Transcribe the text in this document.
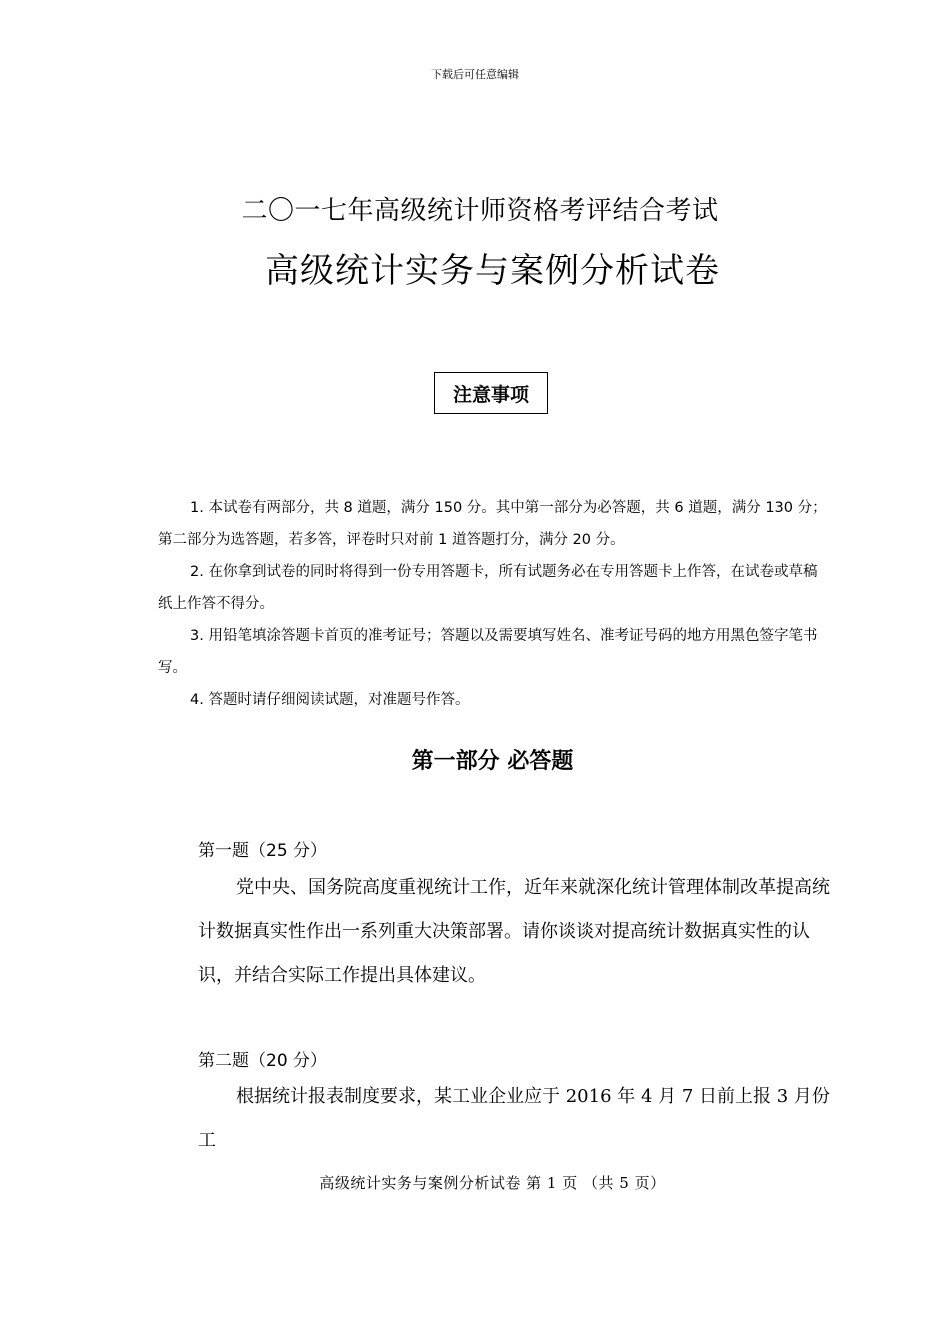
下载后可任意编辑
二〇一七年高级统计师资格考评结合考试
高级统计实务与案例分析试卷
注意事项

1. 本试卷有两部分，共 8 道题，满分 150 分。其中第一部分为必答题，共 6 道题，满分 130 分；第二部分为选答题，若多答，评卷时只对前 1 道答题打分，满分 20 分。

2. 在你拿到试卷的同时将得到一份专用答题卡，所有试题务必在专用答题卡上作答，在试卷或草稿纸上作答不得分。

3. 用铅笔填涂答题卡首页的准考证号；答题以及需要填写姓名、准考证号码的地方用黑色签字笔书写。

4. 答题时请仔细阅读试题，对准题号作答。

第一部分 必答题
第一题（25 分）

党中央、国务院高度重视统计工作，近年来就深化统计管理体制改革提高统计数据真实性作出一系列重大决策部署。请你谈谈对提高统计数据真实性的认识，并结合实际工作提出具体建议。

第二题（20 分）

根据统计报表制度要求，某工业企业应于 2016 年 4 月 7 日前上报 3 月份工

高级统计实务与案例分析试卷 第 1 页 （共 5 页）
